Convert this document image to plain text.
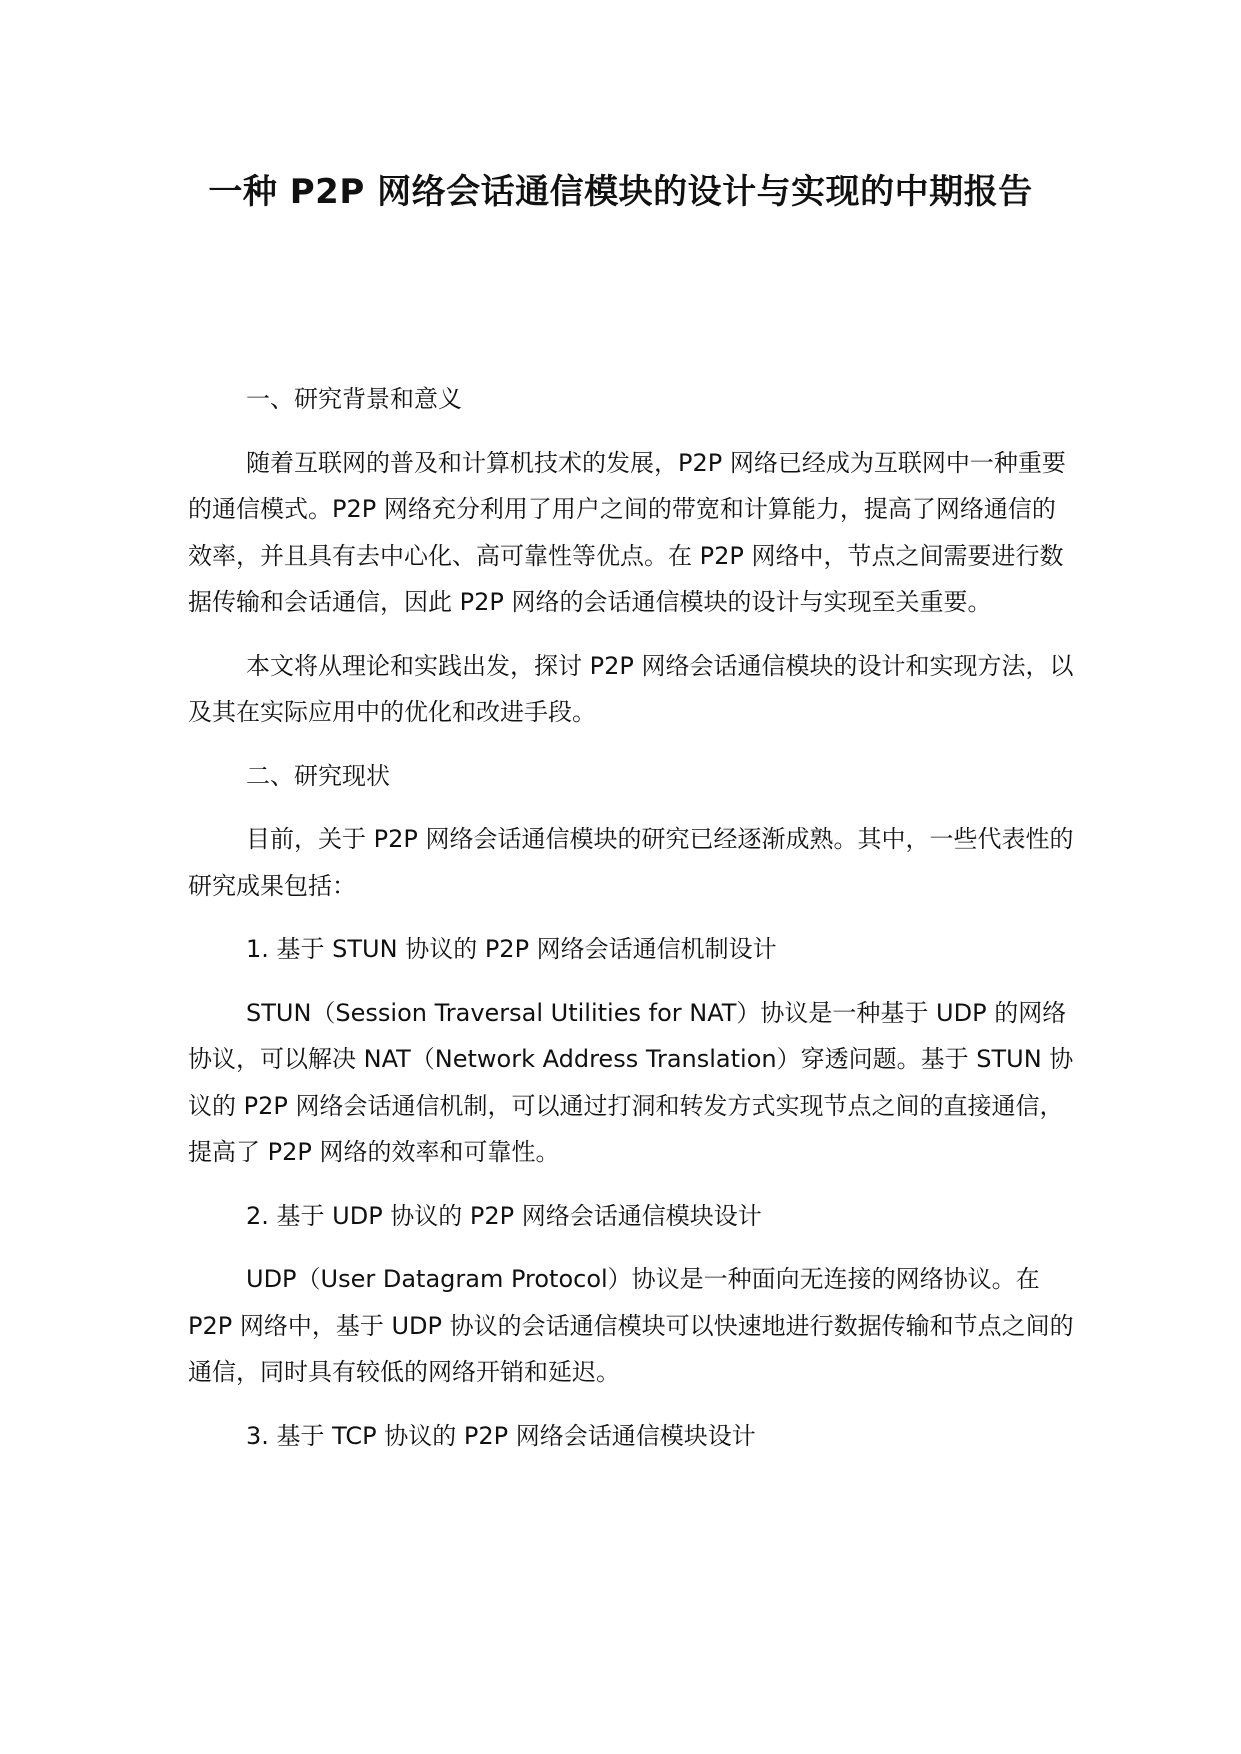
一种 P2P 网络会话通信模块的设计与实现的中期报告

一、研究背景和意义

随着互联网的普及和计算机技术的发展，P2P 网络已经成为互联网中一种重要的通信模式。P2P 网络充分利用了用户之间的带宽和计算能力，提高了网络通信的效率，并且具有去中心化、高可靠性等优点。在 P2P 网络中，节点之间需要进行数据传输和会话通信，因此 P2P 网络的会话通信模块的设计与实现至关重要。

本文将从理论和实践出发，探讨 P2P 网络会话通信模块的设计和实现方法，以及其在实际应用中的优化和改进手段。

二、研究现状

目前，关于 P2P 网络会话通信模块的研究已经逐渐成熟。其中，一些代表性的研究成果包括：

1. 基于 STUN 协议的 P2P 网络会话通信机制设计

STUN（Session Traversal Utilities for NAT）协议是一种基于 UDP 的网络协议，可以解决 NAT（Network Address Translation）穿透问题。基于 STUN 协议的 P2P 网络会话通信机制，可以通过打洞和转发方式实现节点之间的直接通信，提高了 P2P 网络的效率和可靠性。

2. 基于 UDP 协议的 P2P 网络会话通信模块设计

UDP（User Datagram Protocol）协议是一种面向无连接的网络协议。在 P2P 网络中，基于 UDP 协议的会话通信模块可以快速地进行数据传输和节点之间的通信，同时具有较低的网络开销和延迟。

3. 基于 TCP 协议的 P2P 网络会话通信模块设计
